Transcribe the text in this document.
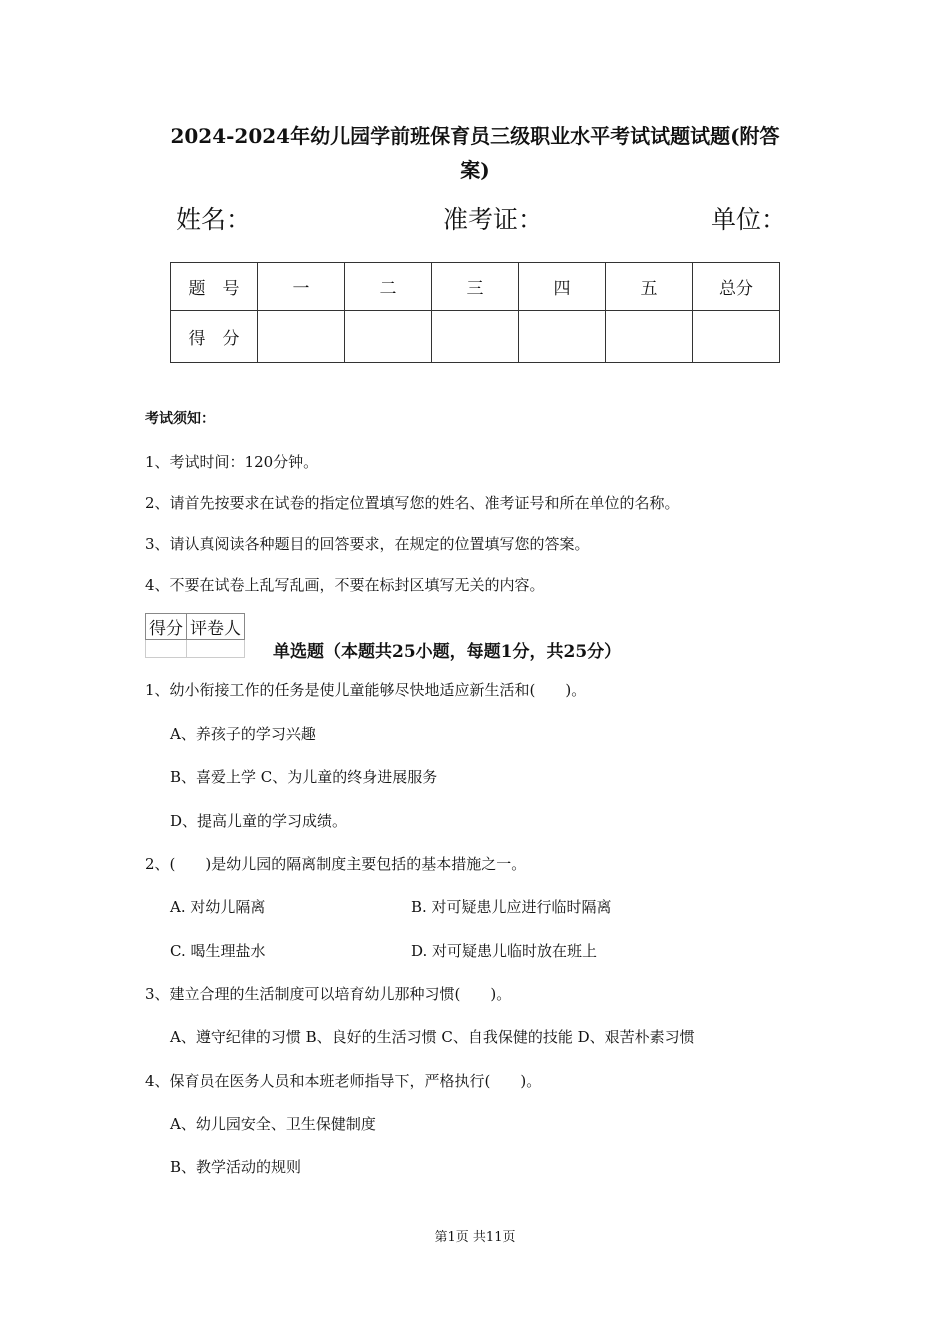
2024-2024年幼儿园学前班保育员三级职业水平考试试题试题(附答
案)
姓名：	准考证：	单位：
题　号	一	二	三	四	五	总分
得　分						
考试须知：
1、考试时间：120分钟。
2、请首先按要求在试卷的指定位置填写您的姓名、准考证号和所在单位的名称。
3、请认真阅读各种题目的回答要求，在规定的位置填写您的答案。
4、不要在试卷上乱写乱画，不要在标封区填写无关的内容。
得分	评卷人

单选题（本题共25小题，每题1分，共25分）
1、幼小衔接工作的任务是使儿童能够尽快地适应新生活和(　　)。
A、养孩子的学习兴趣
B、喜爱上学 C、为儿童的终身进展服务
D、提高儿童的学习成绩。
2、(　　)是幼儿园的隔离制度主要包括的基本措施之一。
A. 对幼儿隔离	B. 对可疑患儿应进行临时隔离
C. 喝生理盐水	D. 对可疑患儿临时放在班上
3、建立合理的生活制度可以培育幼儿那种习惯(　　)。
A、遵守纪律的习惯 B、良好的生活习惯 C、自我保健的技能 D、艰苦朴素习惯
4、保育员在医务人员和本班老师指导下，严格执行(　　)。
A、幼儿园安全、卫生保健制度
B、教学活动的规则
第1页 共11页
